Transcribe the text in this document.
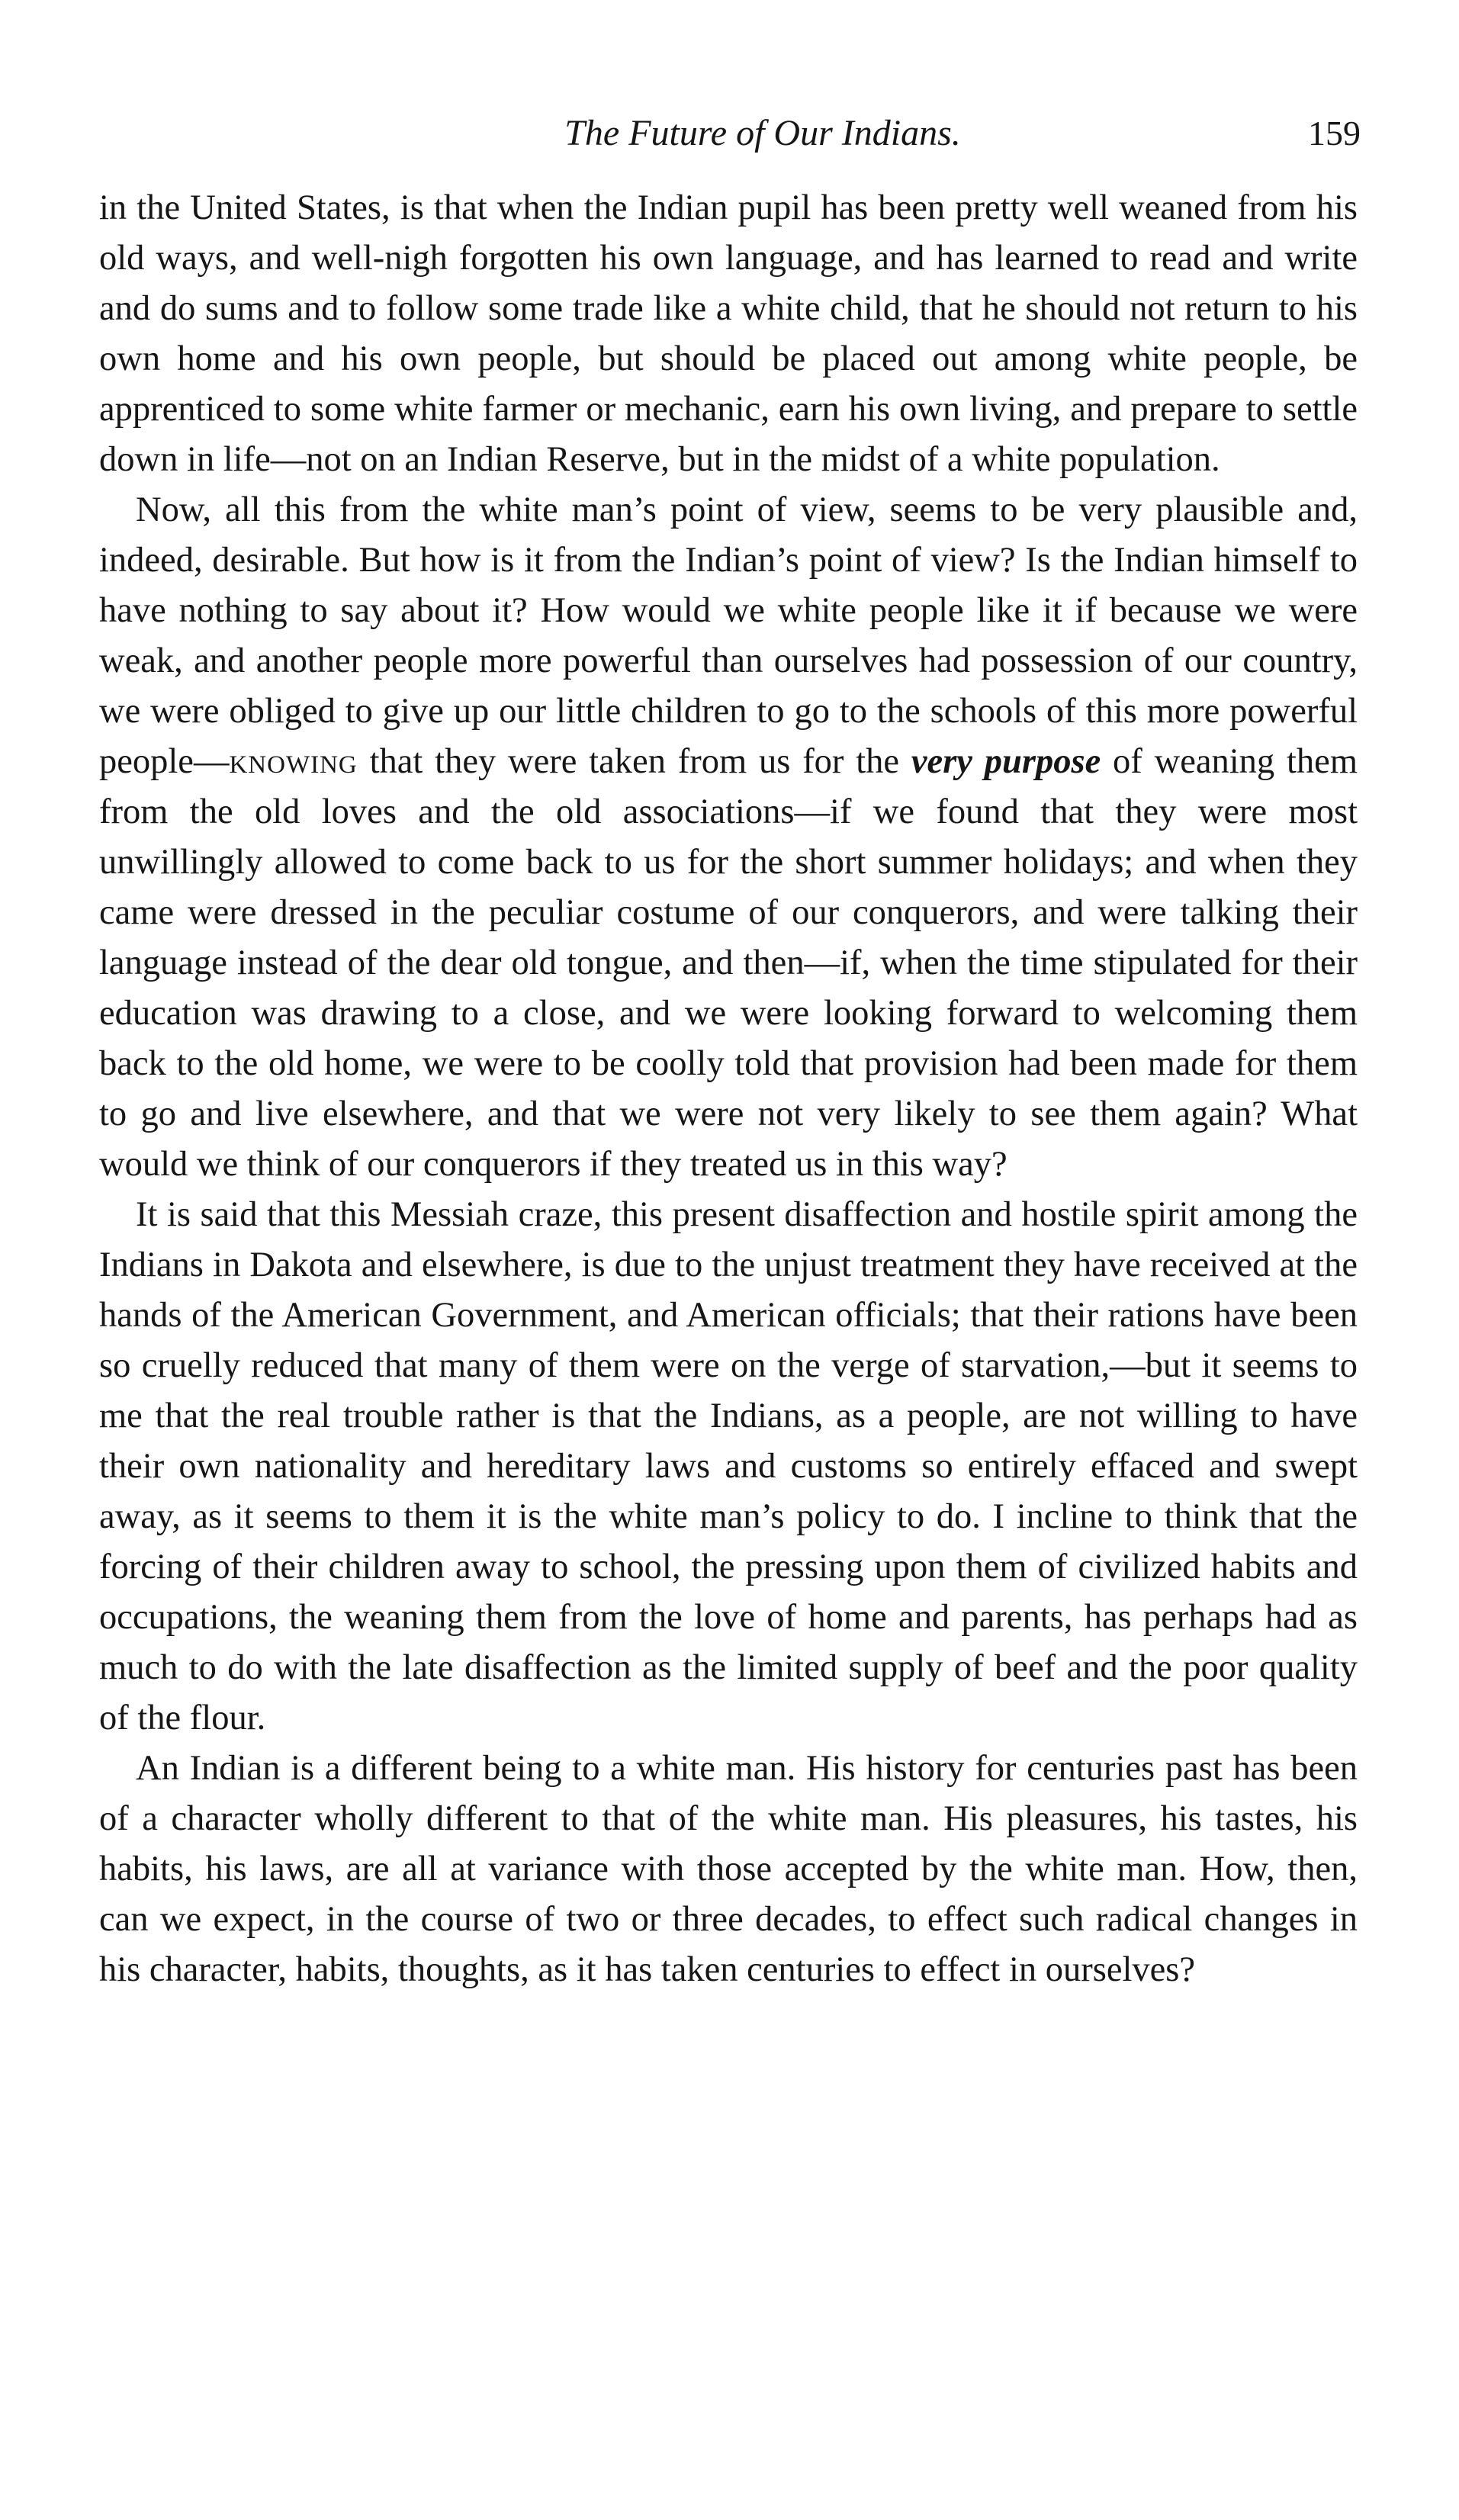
The Future of Our Indians.	159

in the United States, is that when the Indian pupil has been pretty well weaned from his old ways, and well-nigh forgotten his own language, and has learned to read and write and do sums and to follow some trade like a white child, that he should not return to his own home and his own people, but should be placed out among white people, be apprenticed to some white farmer or mechanic, earn his own living, and prepare to settle down in life—not on an Indian Reserve, but in the midst of a white population.

Now, all this from the white man’s point of view, seems to be very plausible and, indeed, desirable. But how is it from the Indian’s point of view? Is the Indian himself to have nothing to say about it? How would we white people like it if because we were weak, and another people more powerful than ourselves had possession of our country, we were obliged to give up our little children to go to the schools of this more powerful people—knowing that they were taken from us for the very purpose of weaning them from the old loves and the old associations—if we found that they were most unwillingly allowed to come back to us for the short summer holidays; and when they came were dressed in the peculiar costume of our conquerors, and were talking their language instead of the dear old tongue, and then—if, when the time stipulated for their education was drawing to a close, and we were looking forward to welcoming them back to the old home, we were to be coolly told that provision had been made for them to go and live elsewhere, and that we were not very likely to see them again? What would we think of our conquerors if they treated us in this way?

It is said that this Messiah craze, this present disaffection and hostile spirit among the Indians in Dakota and elsewhere, is due to the unjust treatment they have received at the hands of the American Government, and American officials; that their rations have been so cruelly reduced that many of them were on the verge of starvation,—but it seems to me that the real trouble rather is that the Indians, as a people, are not willing to have their own nationality and hereditary laws and customs so entirely effaced and swept away, as it seems to them it is the white man’s policy to do. I incline to think that the forcing of their children away to school, the pressing upon them of civilized habits and occupations, the weaning them from the love of home and parents, has perhaps had as much to do with the late disaffection as the limited supply of beef and the poor quality of the flour.

An Indian is a different being to a white man. His history for centuries past has been of a character wholly different to that of the white man. His pleasures, his tastes, his habits, his laws, are all at variance with those accepted by the white man. How, then, can we expect, in the course of two or three decades, to effect such radical changes in his character, habits, thoughts, as it has taken centuries to effect in ourselves?
